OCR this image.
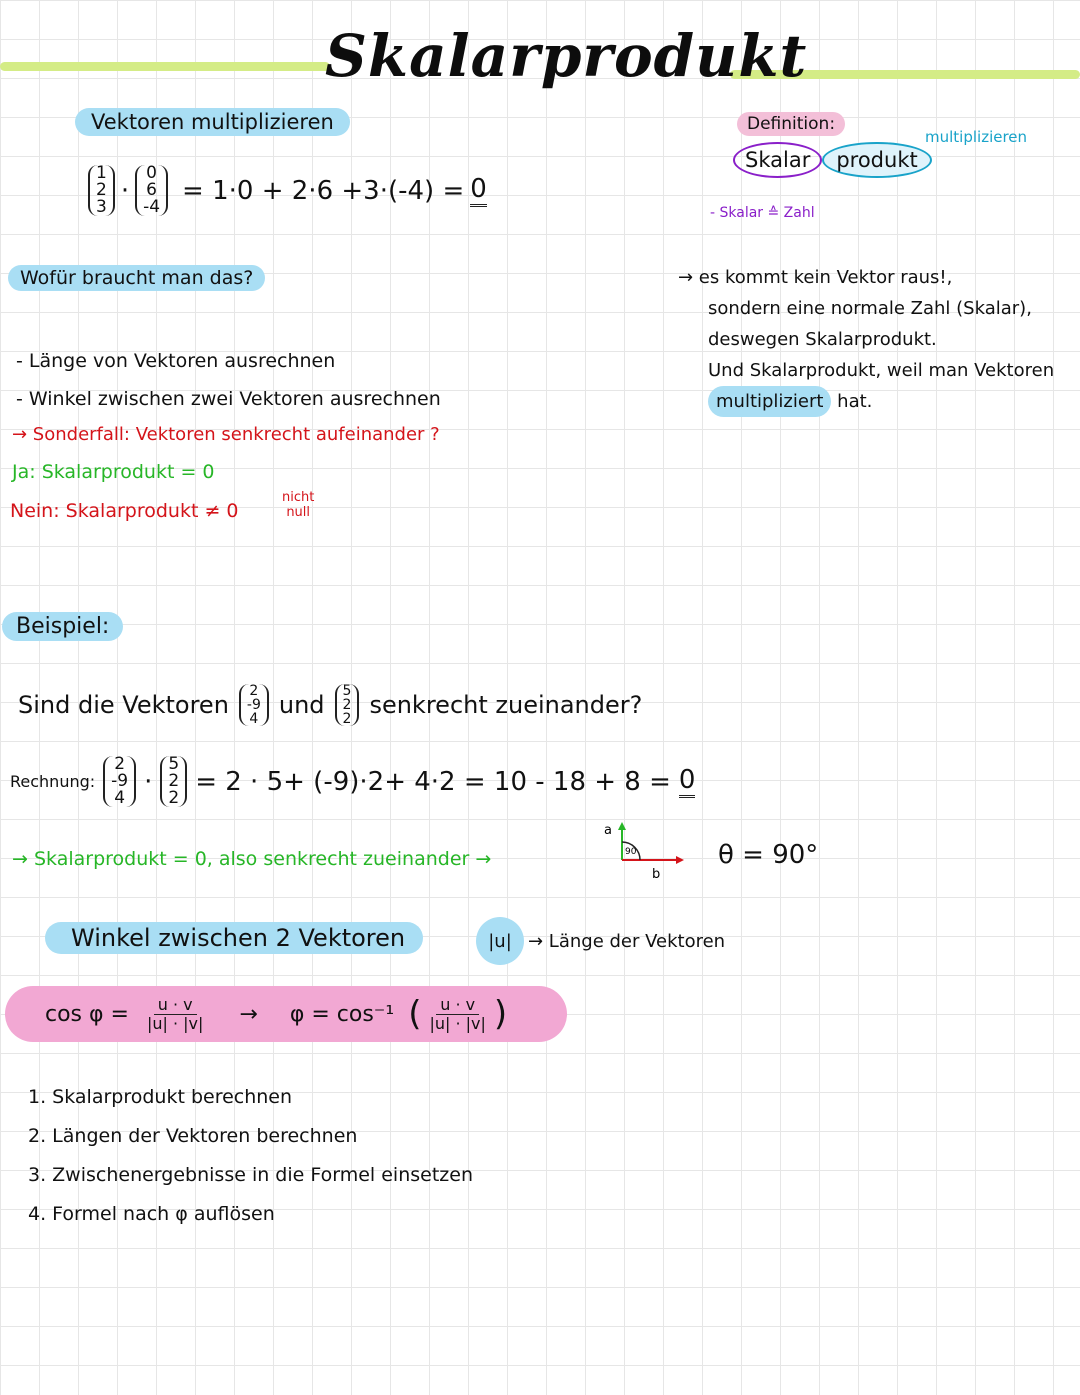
Skalarprodukt
Vektoren multiplizieren
1
2
3
·
0
6
-4
= 1·0 + 2·6 +3·(-4) = 0
Definition:
multiplizieren
Skalar produkt
- Skalar ≙ Zahl
→ es kommt kein Vektor raus!,
sondern eine normale Zahl (Skalar),
deswegen Skalarprodukt.
Und Skalarprodukt, weil man Vektoren
multipliziert hat.
Wofür braucht man das?
- Länge von Vektoren ausrechnen
- Winkel zwischen zwei Vektoren ausrechnen
→ Sonderfall: Vektoren senkrecht aufeinander ?
Ja: Skalarprodukt = 0
Nein: Skalarprodukt ≠ 0
nicht
null
Beispiel:
Sind die Vektoren 2
-9
4 und 5
2
2 senkrecht zueinander?
Rechnung:
2
-9
4
·
5
2
2
= 2 · 5+ (-9)·2+ 4·2 = 10 - 18 + 8 = 0
→ Skalarprodukt = 0, also senkrecht zueinander →
a
b
90	θ = 90°
Winkel zwischen 2 Vektoren	|u| → Länge der Vektoren
$\cos \varphi = \frac{u \cdot v}{|u| \cdot |v|} \to \varphi = \cos^{-1}$ ( $\frac{u \cdot v}{|u| \cdot |v|}$ )
1. Skalarprodukt berechnen
2. Längen der Vektoren berechnen
3. Zwischenergebnisse in die Formel einsetzen
4. Formel nach φ auflösen
